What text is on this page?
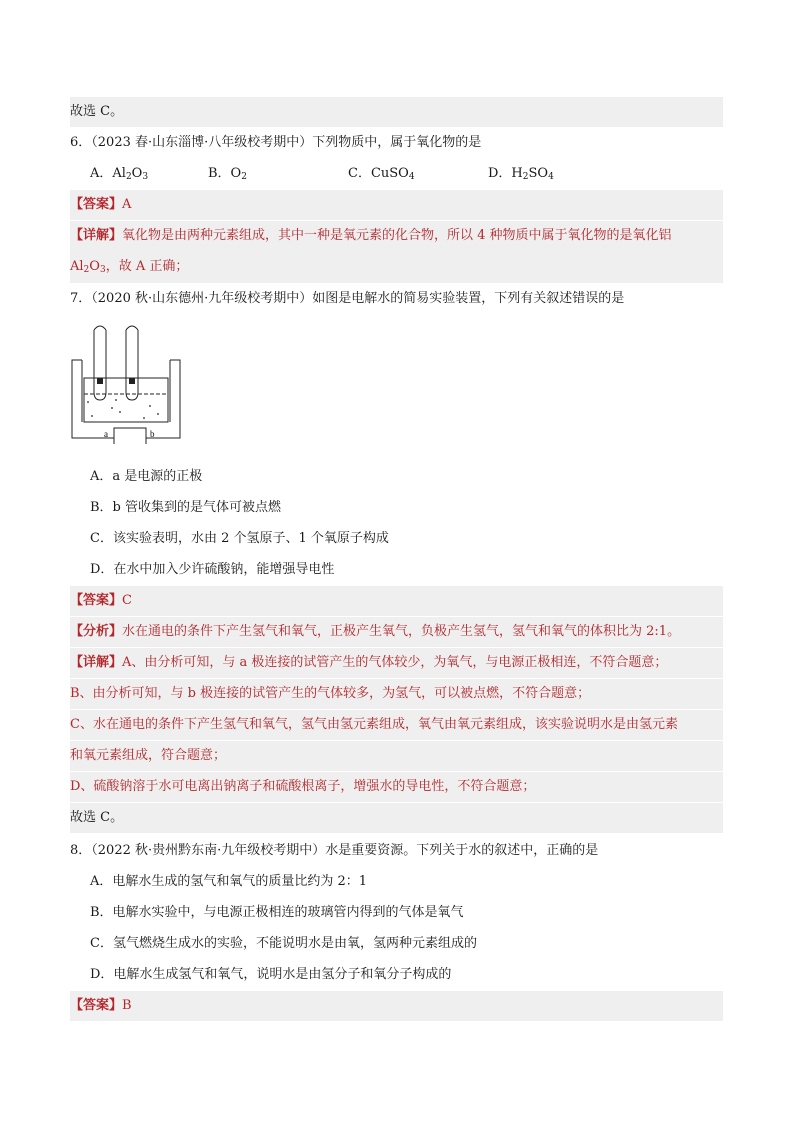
故选 C。
6．（2023 春·山东淄博·八年级校考期中）下列物质中，属于氧化物的是
A．$Al_2O_3$	B．$O_2$	C．CuSO$_4$	D．$H_2SO_4$
【答案】A
【详解】氧化物是由两种元素组成，其中一种是氧元素的化合物，所以 4 种物质中属于氧化物的是氧化铝
$Al_2O_3$，故 A 正确；
7．（2020 秋·山东德州·九年级校考期中）如图是电解水的简易实验装置，下列有关叙述错误的是
a	b
A．a 是电源的正极
B．b 管收集到的是气体可被点燃
C．该实验表明，水由 2 个氢原子、1 个氧原子构成
D．在水中加入少许硫酸钠，能增强导电性
【答案】C
【分析】水在通电的条件下产生氢气和氧气，正极产生氧气，负极产生氢气，氢气和氧气的体积比为 2:1。
【详解】A、由分析可知，与 a 极连接的试管产生的气体较少，为氧气，与电源正极相连，不符合题意；
B、由分析可知，与 b 极连接的试管产生的气体较多，为氢气，可以被点燃，不符合题意；
C、水在通电的条件下产生氢气和氧气，氢气由氢元素组成，氧气由氧元素组成，该实验说明水是由氢元素
和氧元素组成，符合题意；
D、硫酸钠溶于水可电离出钠离子和硫酸根离子，增强水的导电性，不符合题意；
故选 C。
8．（2022 秋·贵州黔东南·九年级校考期中）水是重要资源。下列关于水的叙述中，正确的是
A．电解水生成的氢气和氧气的质量比约为 2：1
B．电解水实验中，与电源正极相连的玻璃管内得到的气体是氧气
C．氢气燃烧生成水的实验，不能说明水是由氧，氢两种元素组成的
D．电解水生成氢气和氧气，说明水是由氢分子和氧分子构成的
【答案】B
